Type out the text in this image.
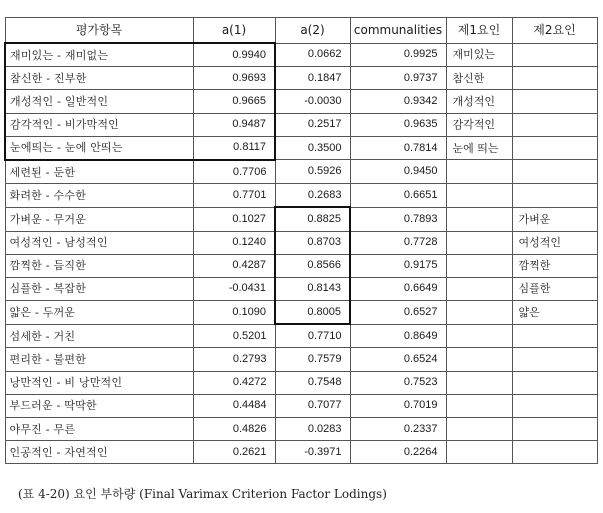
평가항목	a(1)	a(2)	communalities	제1요인	제2요인
재미있는 - 재미없는	0.9940	0.0662	0.9925	재미있는	
참신한 - 진부한	0.9693	0.1847	0.9737	참신한	
개성적인 - 일반적인	0.9665	-0.0030	0.9342	개성적인	
감각적인 - 비가막적인	0.9487	0.2517	0.9635	감각적인	
눈에띄는 - 눈에 안띄는	0.8117	0.3500	0.7814	눈에 띄는	
세련된 - 둔한	0.7706	0.5926	0.9450		
화려한 - 수수한	0.7701	0.2683	0.6651		
가벼운 - 무거운	0.1027	0.8825	0.7893		가벼운
여성적인 - 남성적인	0.1240	0.8703	0.7728		여성적인
깜찍한 - 듬직한	0.4287	0.8566	0.9175		깜찍한
심플한 - 복잡한	-0.0431	0.8143	0.6649		심플한
얇은 - 두꺼운	0.1090	0.8005	0.6527		얇은
섬세한 - 거친	0.5201	0.7710	0.8649		
편리한 - 불편한	0.2793	0.7579	0.6524		
낭만적인 - 비 낭만적인	0.4272	0.7548	0.7523		
부드러운 - 딱딱한	0.4484	0.7077	0.7019		
야무진 - 무른	0.4826	0.0283	0.2337		
인공적인 - 자연적인	0.2621	-0.3971	0.2264		
(표 4-20) 요인 부하량 (Final Varimax Criterion Factor Lodings)
